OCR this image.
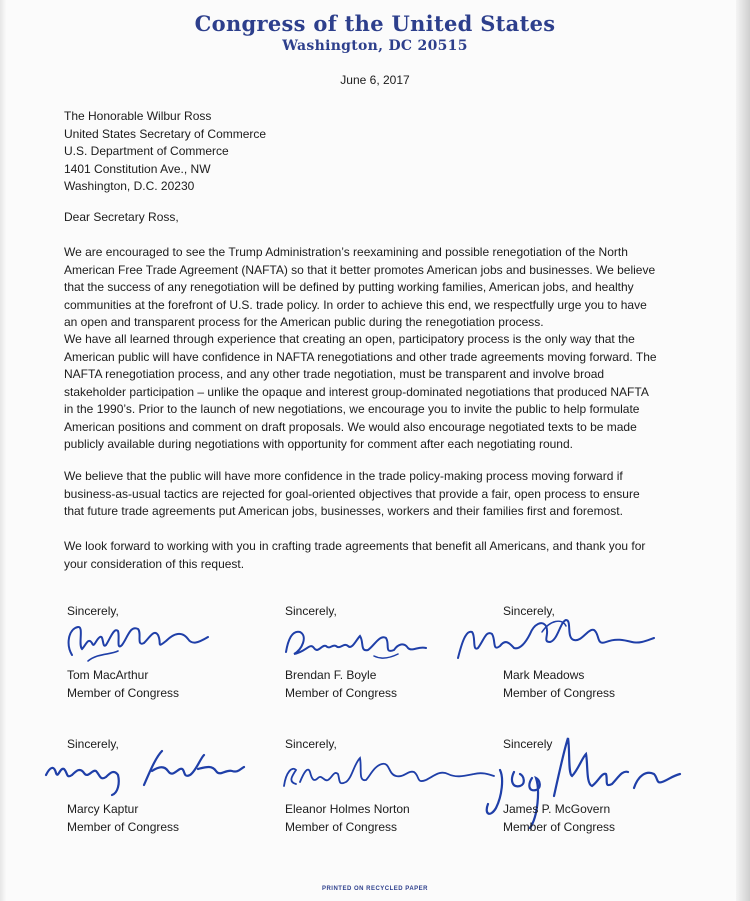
Congress of the United States
Washington, DC 20515
June 6, 2017
The Honorable Wilbur Ross
United States Secretary of Commerce
U.S. Department of Commerce
1401 Constitution Ave., NW
Washington, D.C. 20230
Dear Secretary Ross,

We are encouraged to see the Trump Administration’s reexamining and possible renegotiation of the North

American Free Trade Agreement (NAFTA) so that it better promotes American jobs and businesses. We believe

that the success of any renegotiation will be defined by putting working families, American jobs, and healthy

communities at the forefront of U.S. trade policy. In order to achieve this end, we respectfully urge you to have

an open and transparent process for the American public during the renegotiation process.

We have all learned through experience that creating an open, participatory process is the only way that the

American public will have confidence in NAFTA renegotiations and other trade agreements moving forward. The

NAFTA renegotiation process, and any other trade negotiation, must be transparent and involve broad

stakeholder participation – unlike the opaque and interest group-dominated negotiations that produced NAFTA

in the 1990’s. Prior to the launch of new negotiations, we encourage you to invite the public to help formulate

American positions and comment on draft proposals. We would also encourage negotiated texts to be made

publicly available during negotiations with opportunity for comment after each negotiating round.

We believe that the public will have more confidence in the trade policy-making process moving forward if

business-as-usual tactics are rejected for goal-oriented objectives that provide a fair, open process to ensure

that future trade agreements put American jobs, businesses, workers and their families first and foremost.

We look forward to working with you in crafting trade agreements that benefit all Americans, and thank you for

your consideration of this request.

Sincerely,
Tom MacArthur
Member of Congress
Sincerely,
Brendan F. Boyle
Member of Congress
Sincerely,
Mark Meadows
Member of Congress
Sincerely,
Marcy Kaptur
Member of Congress
Sincerely,
Eleanor Holmes Norton
Member of Congress
Sincerely
James P. McGovern
Member of Congress
PRINTED ON RECYCLED PAPER
